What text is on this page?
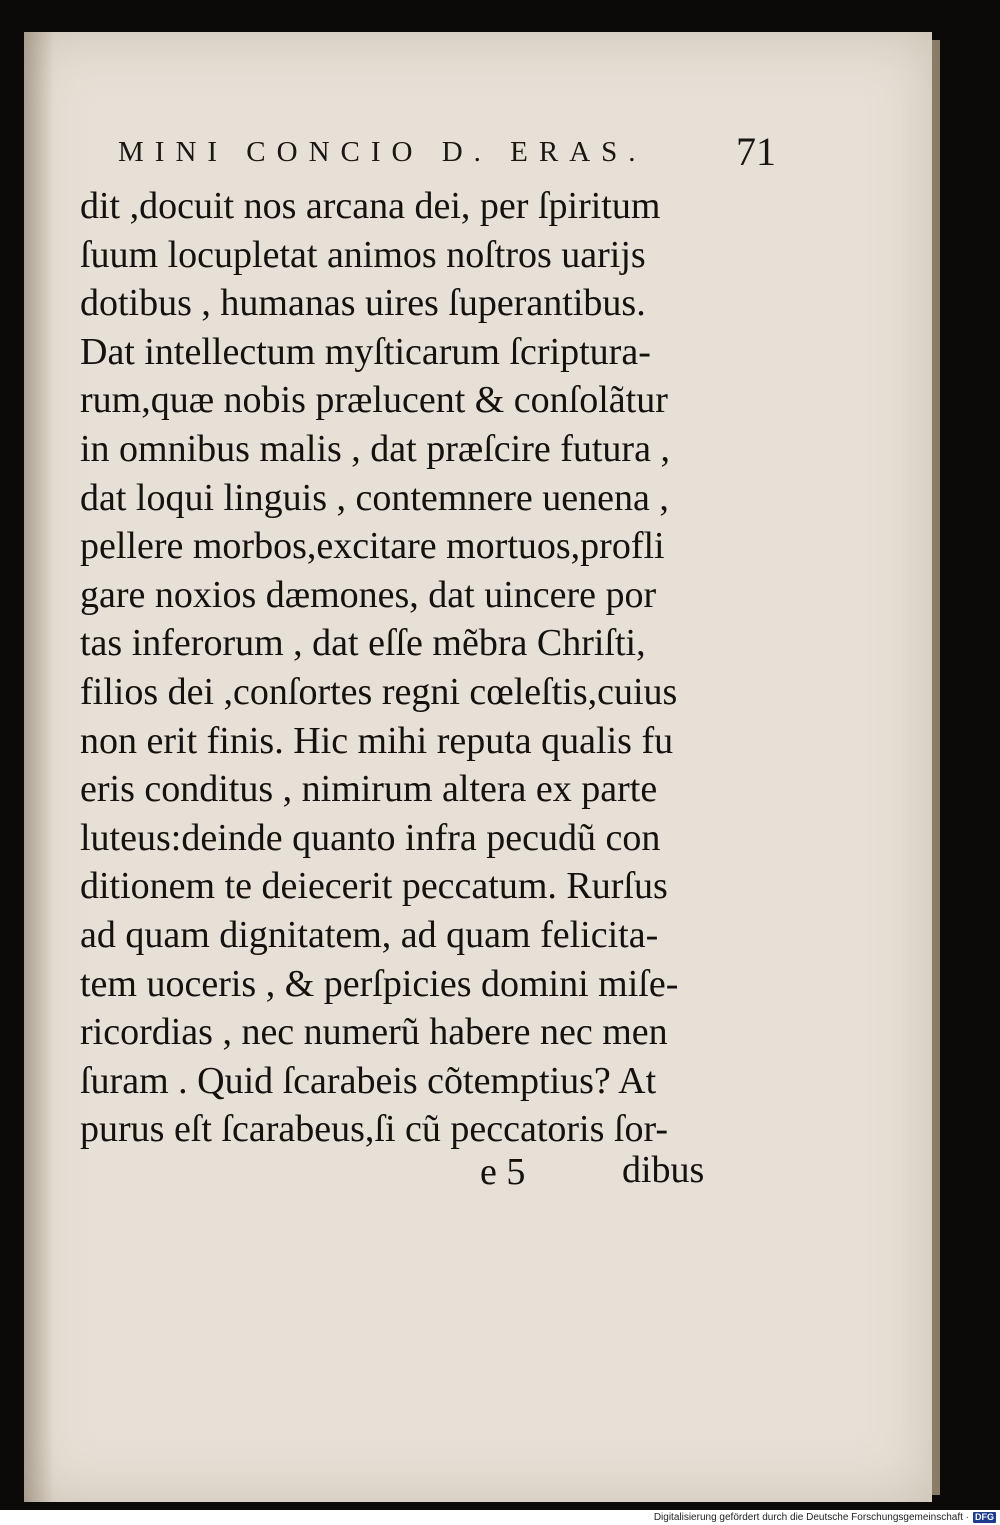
MINI CONCIO D. ERAS. 71
dit ,docuit nos arcana dei, per ſpiritum
ſuum locupletat animos noſtros uariјs
dotibus , humanas uires ſuperantibus.
Dat intellectum myſticarum ſcriptura-
rum,quæ nobis prælucent & conſolãtur
in omnibus malis , dat præſcire futura ,
dat loqui linguis , contemnere uenena ,
pellere morbos,excitare mortuos,profli
gare noxios dæmones, dat uincere por
tas inferorum , dat eſſe mẽbra Chriſti,
filios dei ,conſortes regni cœleſtis,cuius
non erit finis. Hic mihi reputa qualis fu
eris conditus , nimirum altera ex parte
luteus:deinde quanto infra pecudũ con
ditionem te deiecerit peccatum. Rurſus
ad quam dignitatem, ad quam felicita-
tem uoceris , & perſpicies domini miſe-
ricordias , nec numerũ habere nec men
ſuram . Quid ſcarabeis cõtemptius? At
purus eſt ſcarabeus,ſi cũ peccatoris ſor-
e 5	dibus
Digitalisierung gefördert durch die Deutsche Forschungsgemeinschaft · DFG
